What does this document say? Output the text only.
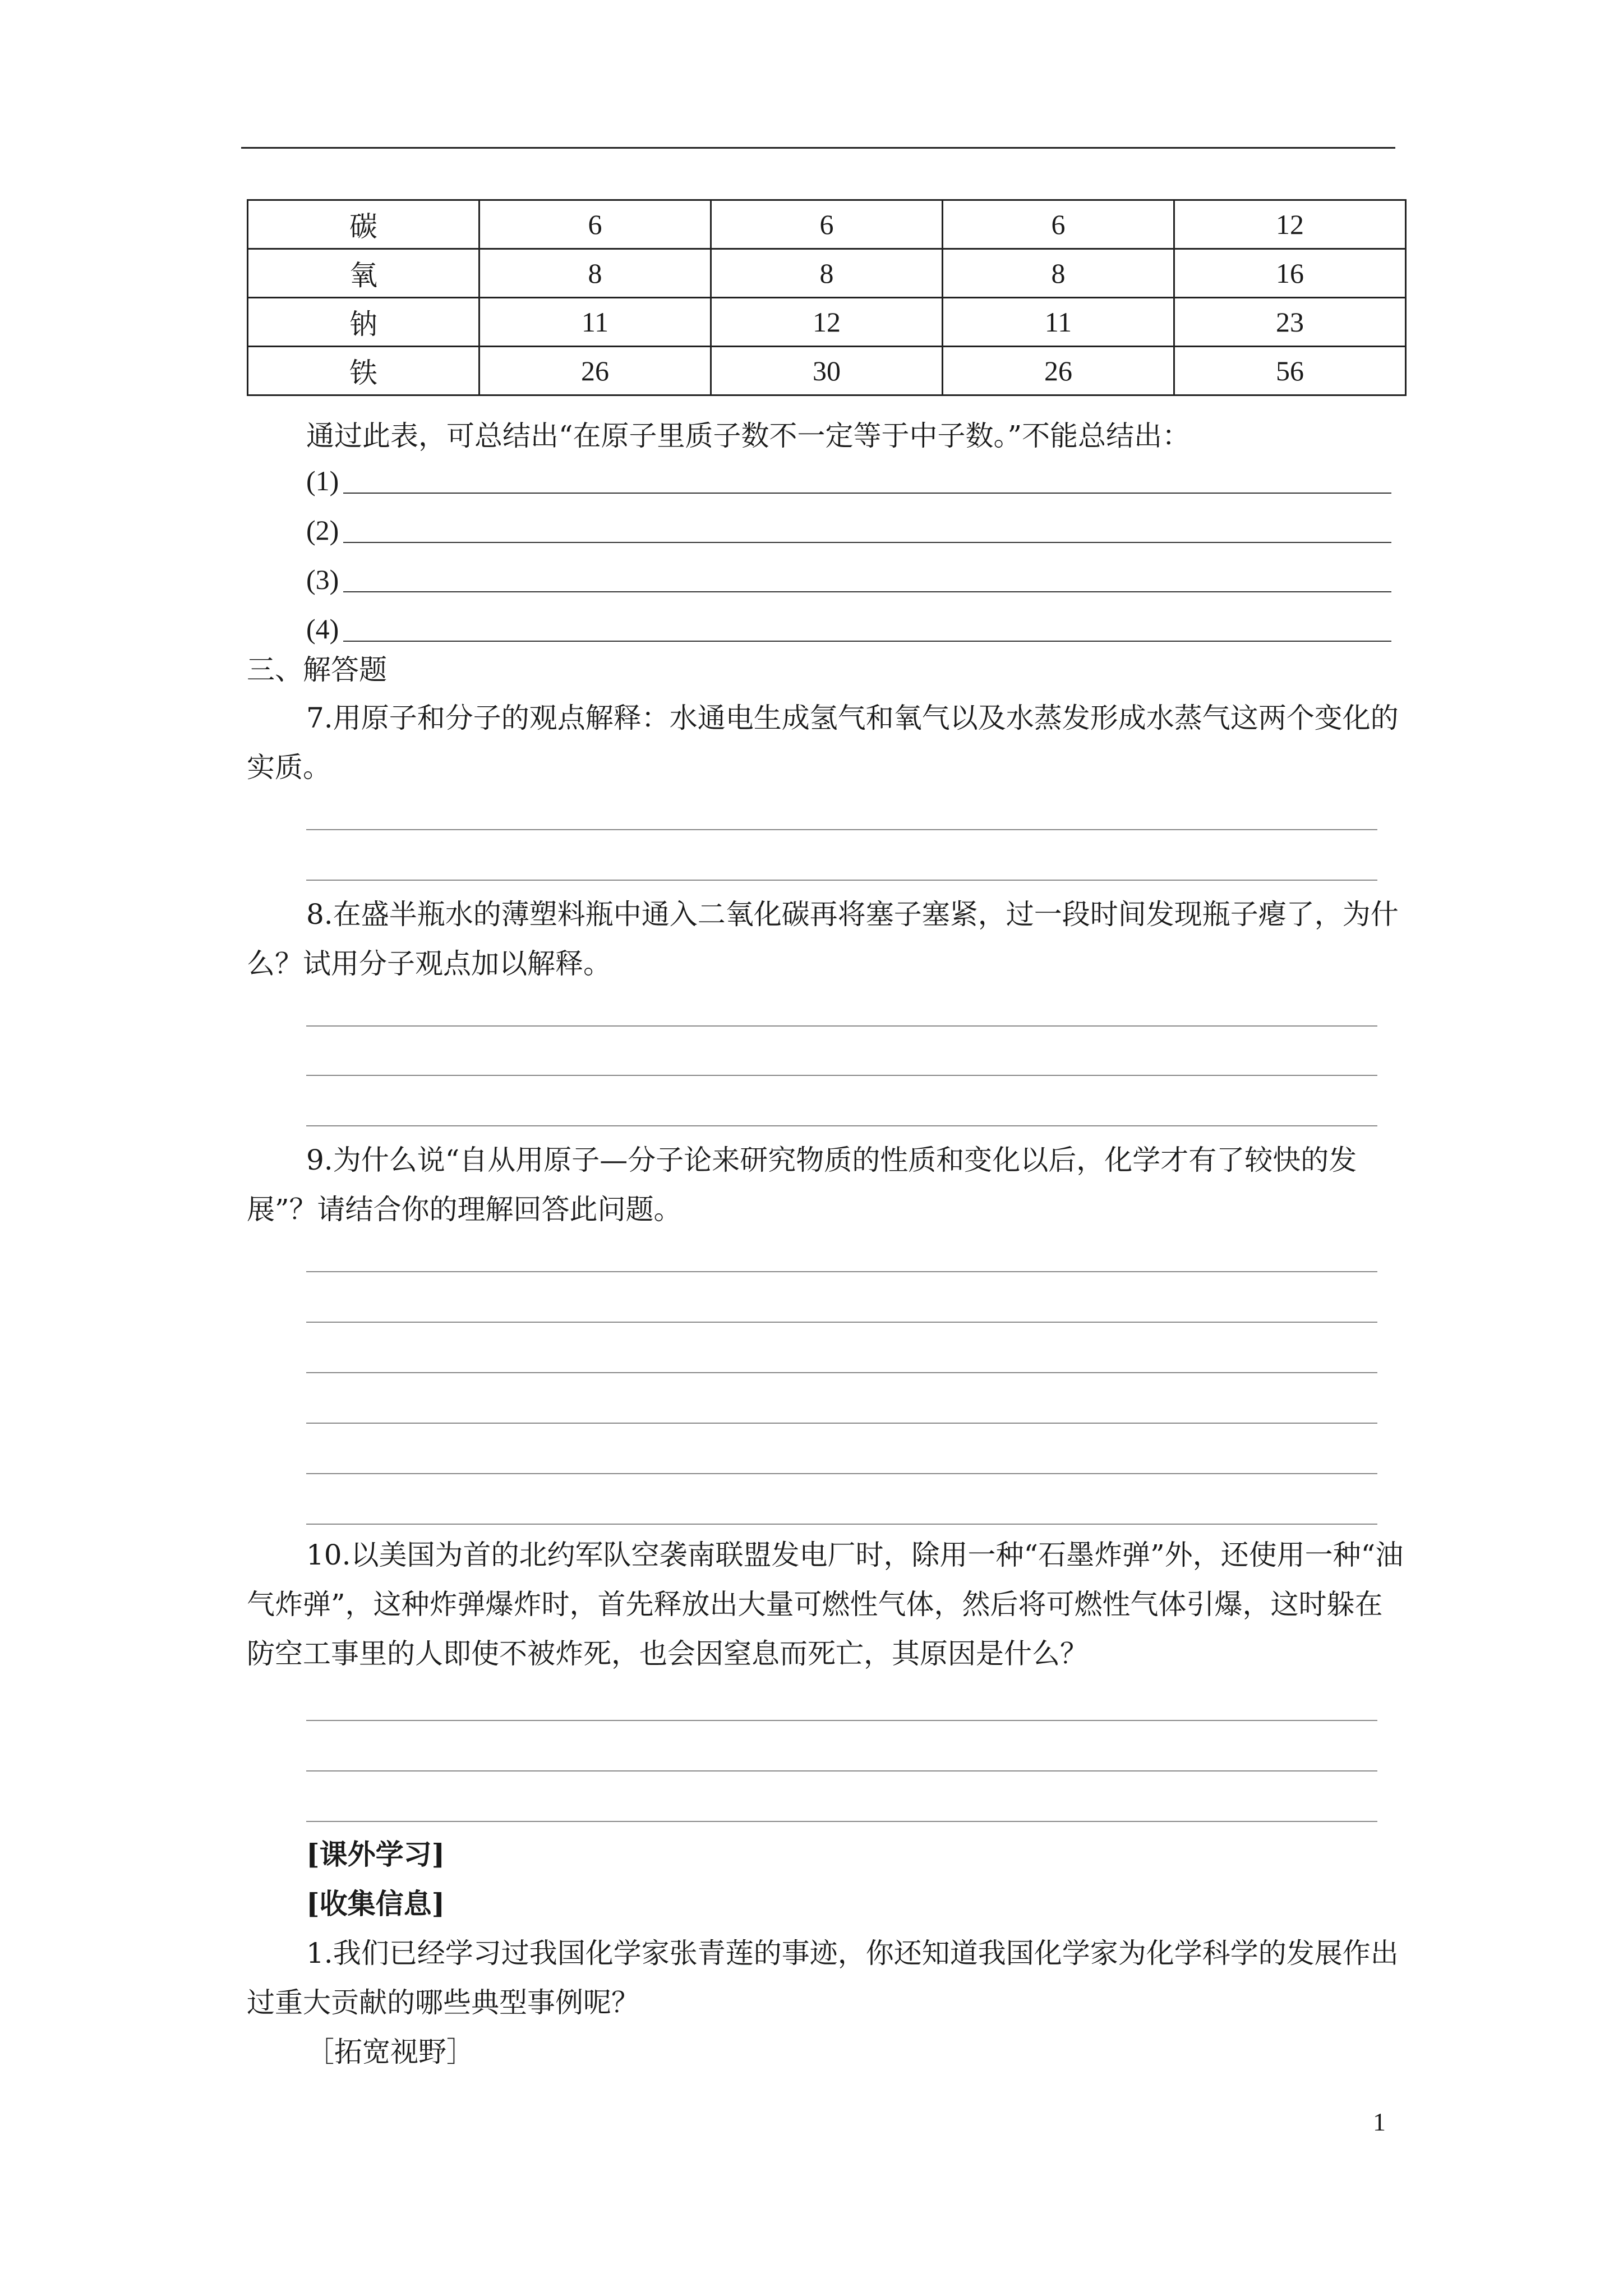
碳	6	6	6	12
氧	8	8	8	16
钠	11	12	11	23
铁	26	30	26	56

通过此表，可总结出“在原子里质子数不一定等于中子数。”不能总结出：

(1)
(2)
(3)
(4)

三、解答题

7.用原子和分子的观点解释：水通电生成氢气和氧气以及水蒸发形成水蒸气这两个变化的实质。

8.在盛半瓶水的薄塑料瓶中通入二氧化碳再将塞子塞紧，过一段时间发现瓶子瘪了，为什么？试用分子观点加以解释。

9.为什么说“自从用原子—分子论来研究物质的性质和变化以后，化学才有了较快的发展”？请结合你的理解回答此问题。

10.以美国为首的北约军队空袭南联盟发电厂时，除用一种“石墨炸弹”外，还使用一种“油气炸弹”，这种炸弹爆炸时，首先释放出大量可燃性气体，然后将可燃性气体引爆，这时躲在防空工事里的人即使不被炸死，也会因窒息而死亡，其原因是什么？

[课外学习]

[收集信息]

1.我们已经学习过我国化学家张青莲的事迹，你还知道我国化学家为化学科学的发展作出过重大贡献的哪些典型事例呢？

［拓宽视野］

1
